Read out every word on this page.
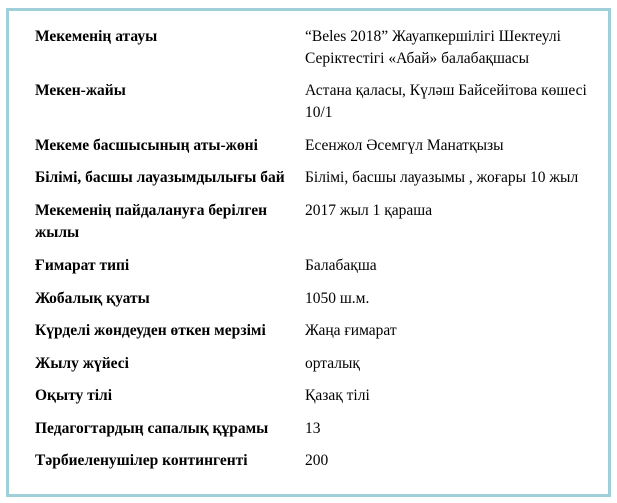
Мекеменің атауы	“Beles 2018” Жауапкершілігі Шектеулі Серіктестігі «Абай» балабақшасы
Мекен-жайы	Астана қаласы, Күләш Байсейітова көшесі 10/1
Мекеме басшысының аты-жөні	Есенжол Әсемгүл Манатқызы
Білімі, басшы лауазымдылығы бай	Білімі, басшы лауазымы , жоғары 10 жыл
Мекеменің пайдалануға берілген жылы	2017 жыл 1 қараша
Ғимарат типі	Балабақша
Жобалық қуаты	1050 ш.м.
Күрделі жөндеуден өткен мерзімі	Жаңа ғимарат
Жылу жүйесі	орталық
Оқыту тілі	Қазақ тілі
Педагогтардың сапалық құрамы	13
Тәрбиеленушілер контингенті	200
